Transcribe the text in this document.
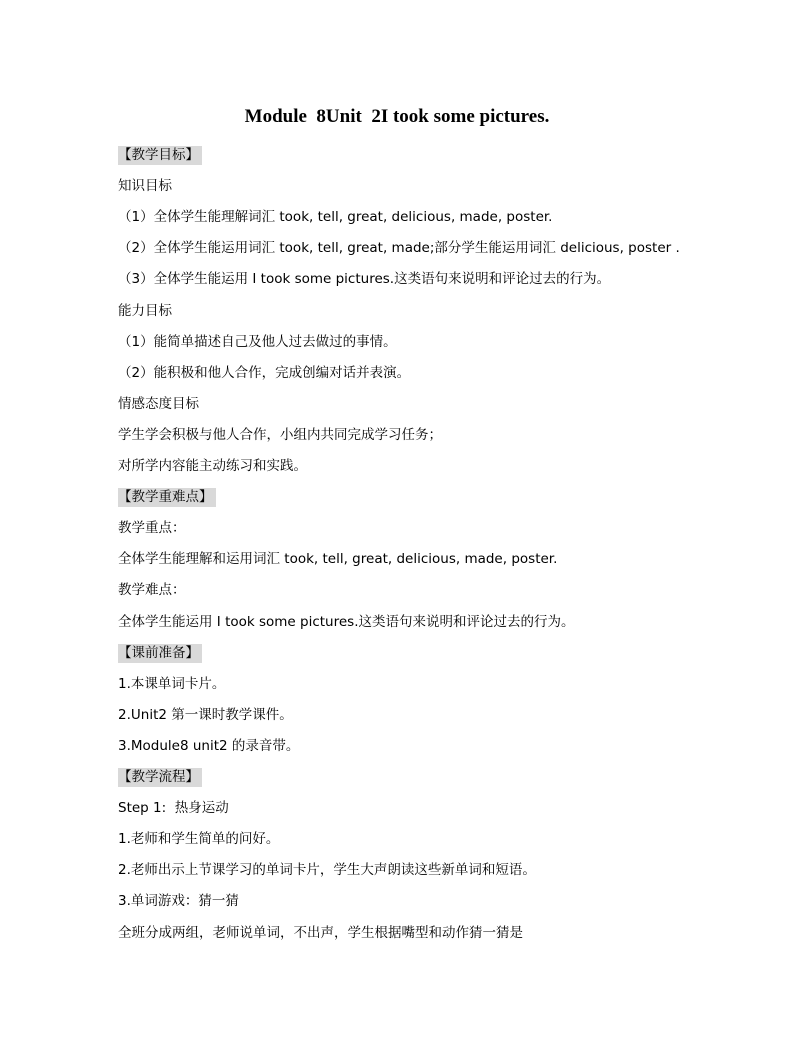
Module  8Unit  2I took some pictures.
【教学目标】
知识目标
（1）全体学生能理解词汇 took, tell, great, delicious, made, poster.
（2）全体学生能运用词汇 took, tell, great, made;部分学生能运用词汇 delicious, poster .
（3）全体学生能运用 I took some pictures.这类语句来说明和评论过去的行为。
能力目标
（1）能简单描述自己及他人过去做过的事情。
（2）能积极和他人合作，完成创编对话并表演。
情感态度目标
学生学会积极与他人合作，小组内共同完成学习任务；
对所学内容能主动练习和实践。
【教学重难点】
教学重点：
全体学生能理解和运用词汇 took, tell, great, delicious, made, poster.
教学难点：
全体学生能运用 I took some pictures.这类语句来说明和评论过去的行为。
【课前准备】
1.本课单词卡片。
2.Unit2 第一课时教学课件。
3.Module8 unit2 的录音带。
【教学流程】
Step 1:  热身运动
1.老师和学生简单的问好。
2.老师出示上节课学习的单词卡片，学生大声朗读这些新单词和短语。
3.单词游戏：猜一猜
全班分成两组，老师说单词，不出声，学生根据嘴型和动作猜一猜是
